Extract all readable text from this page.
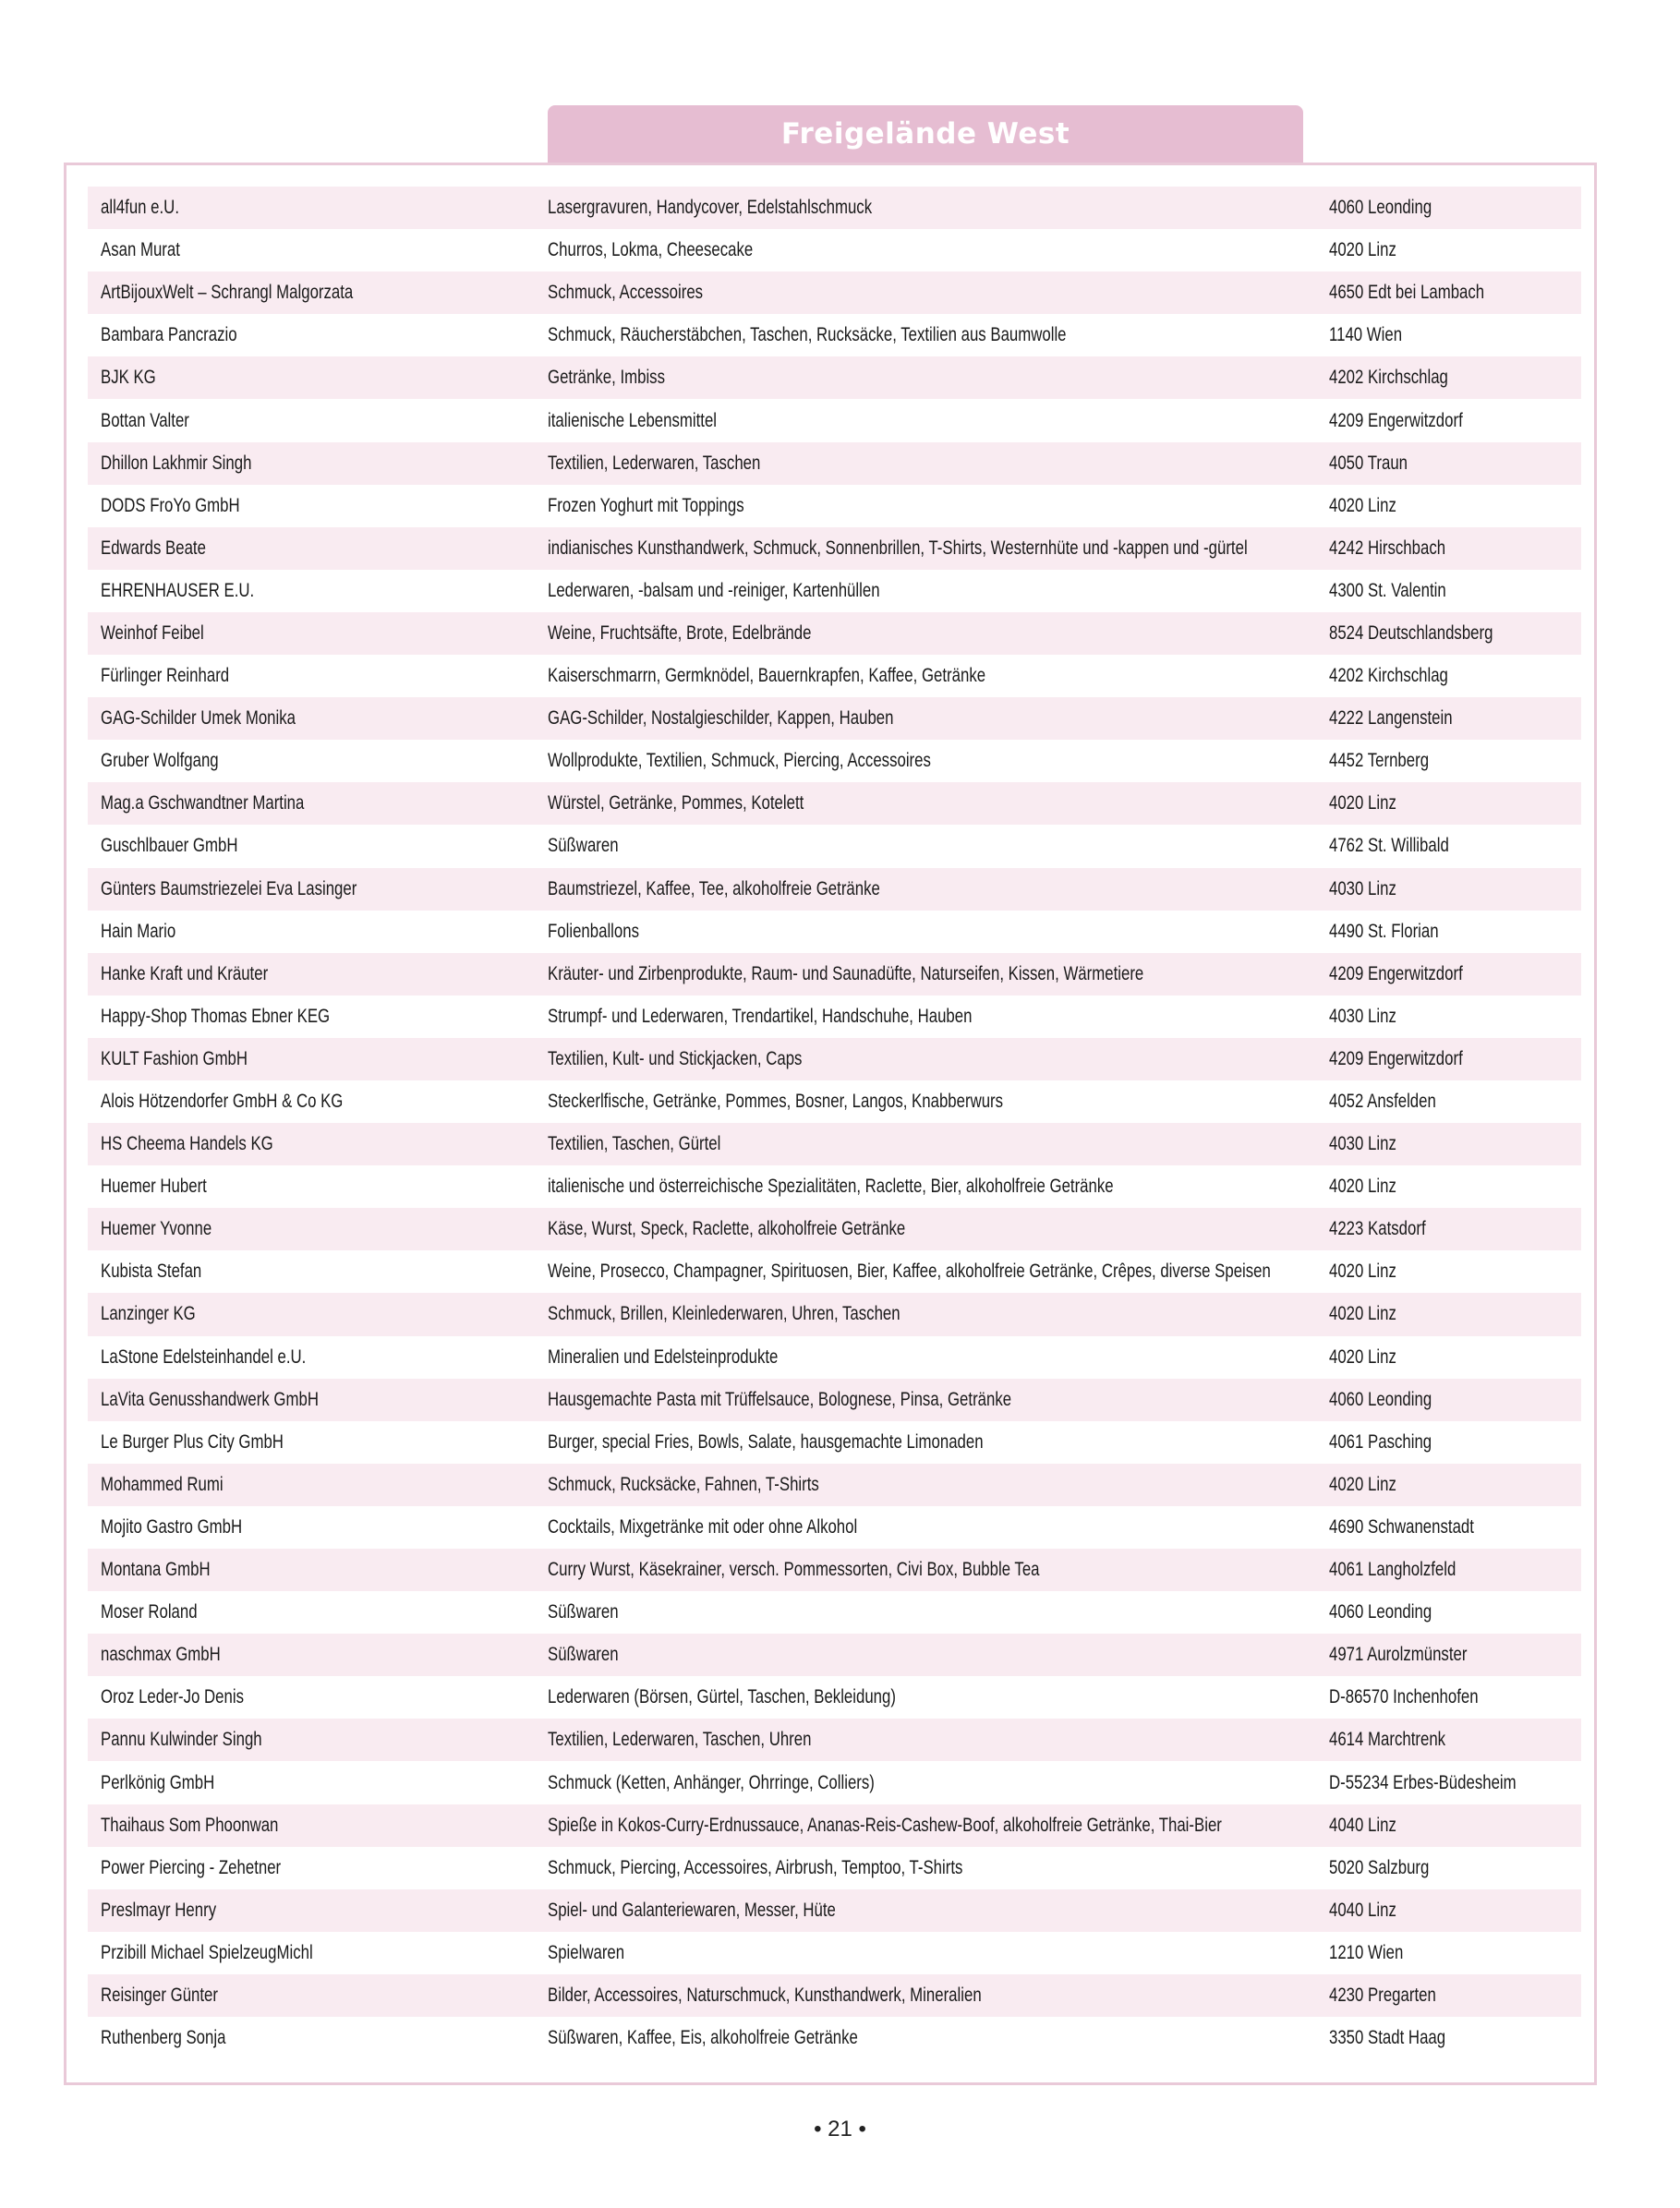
Freigelände West
all4fun e.U.	Lasergravuren, Handycover, Edelstahlschmuck	4060 Leonding
Asan Murat	Churros, Lokma, Cheesecake	4020 Linz
ArtBijouxWelt – Schrangl Malgorzata	Schmuck, Accessoires	4650 Edt bei Lambach
Bambara Pancrazio	Schmuck, Räucherstäbchen, Taschen, Rucksäcke, Textilien aus Baumwolle	1140 Wien
BJK KG	Getränke, Imbiss	4202 Kirchschlag
Bottan Valter	italienische Lebensmittel	4209 Engerwitzdorf
Dhillon Lakhmir Singh	Textilien, Lederwaren, Taschen	4050 Traun
DODS FroYo GmbH	Frozen Yoghurt mit Toppings	4020 Linz
Edwards Beate	indianisches Kunsthandwerk, Schmuck, Sonnenbrillen, T-Shirts, Westernhüte und -kappen und -gürtel	4242 Hirschbach
EHRENHAUSER E.U.	Lederwaren, -balsam und -reiniger, Kartenhüllen	4300 St. Valentin
Weinhof Feibel	Weine, Fruchtsäfte, Brote, Edelbrände	8524 Deutschlandsberg
Fürlinger Reinhard	Kaiserschmarrn, Germknödel, Bauernkrapfen, Kaffee, Getränke	4202 Kirchschlag
GAG-Schilder Umek Monika	GAG-Schilder, Nostalgieschilder, Kappen, Hauben	4222 Langenstein
Gruber Wolfgang	Wollprodukte, Textilien, Schmuck, Piercing, Accessoires	4452 Ternberg
Mag.a Gschwandtner Martina	Würstel, Getränke, Pommes, Kotelett	4020 Linz
Guschlbauer GmbH	Süßwaren	4762 St. Willibald
Günters Baumstriezelei Eva Lasinger	Baumstriezel, Kaffee, Tee, alkoholfreie Getränke	4030 Linz
Hain Mario	Folienballons	4490 St. Florian
Hanke Kraft und Kräuter	Kräuter- und Zirbenprodukte, Raum- und Saunadüfte, Naturseifen, Kissen, Wärmetiere	4209 Engerwitzdorf
Happy-Shop Thomas Ebner KEG	Strumpf- und Lederwaren, Trendartikel, Handschuhe, Hauben	4030 Linz
KULT Fashion GmbH	Textilien, Kult- und Stickjacken, Caps	4209 Engerwitzdorf
Alois Hötzendorfer GmbH & Co KG	Steckerlfische, Getränke, Pommes, Bosner, Langos, Knabberwurs	4052 Ansfelden
HS Cheema Handels KG	Textilien, Taschen, Gürtel	4030 Linz
Huemer Hubert	italienische und österreichische Spezialitäten, Raclette, Bier, alkoholfreie Getränke	4020 Linz
Huemer Yvonne	Käse, Wurst, Speck, Raclette, alkoholfreie Getränke	4223 Katsdorf
Kubista Stefan	Weine, Prosecco, Champagner, Spirituosen, Bier, Kaffee, alkoholfreie Getränke, Crêpes, diverse Speisen	4020 Linz
Lanzinger KG	Schmuck, Brillen, Kleinlederwaren, Uhren, Taschen	4020 Linz
LaStone Edelsteinhandel e.U.	Mineralien und Edelsteinprodukte	4020 Linz
LaVita Genusshandwerk GmbH	Hausgemachte Pasta mit Trüffelsauce, Bolognese, Pinsa, Getränke	4060 Leonding
Le Burger Plus City GmbH	Burger, special Fries, Bowls, Salate, hausgemachte Limonaden	4061 Pasching
Mohammed Rumi	Schmuck, Rucksäcke, Fahnen, T-Shirts	4020 Linz
Mojito Gastro GmbH	Cocktails, Mixgetränke mit oder ohne Alkohol	4690 Schwanenstadt
Montana GmbH	Curry Wurst, Käsekrainer, versch. Pommessorten, Civi Box, Bubble Tea	4061 Langholzfeld
Moser Roland	Süßwaren	4060 Leonding
naschmax GmbH	Süßwaren	4971 Aurolzmünster
Oroz Leder-Jo Denis	Lederwaren (Börsen, Gürtel, Taschen, Bekleidung)	D-86570 Inchenhofen
Pannu Kulwinder Singh	Textilien, Lederwaren, Taschen, Uhren	4614 Marchtrenk
Perlkönig GmbH	Schmuck (Ketten, Anhänger, Ohrringe, Colliers)	D-55234 Erbes-Büdesheim
Thaihaus Som Phoonwan	Spieße in Kokos-Curry-Erdnussauce, Ananas-Reis-Cashew-Boof, alkoholfreie Getränke, Thai-Bier	4040 Linz
Power Piercing - Zehetner	Schmuck, Piercing, Accessoires, Airbrush, Temptoo, T-Shirts	5020 Salzburg
Preslmayr Henry	Spiel- und Galanteriewaren, Messer, Hüte	4040 Linz
Przibill Michael SpielzeugMichl	Spielwaren	1210 Wien
Reisinger Günter	Bilder, Accessoires, Naturschmuck, Kunsthandwerk, Mineralien	4230 Pregarten
Ruthenberg Sonja	Süßwaren, Kaffee, Eis, alkoholfreie Getränke	3350 Stadt Haag
• 21 •
